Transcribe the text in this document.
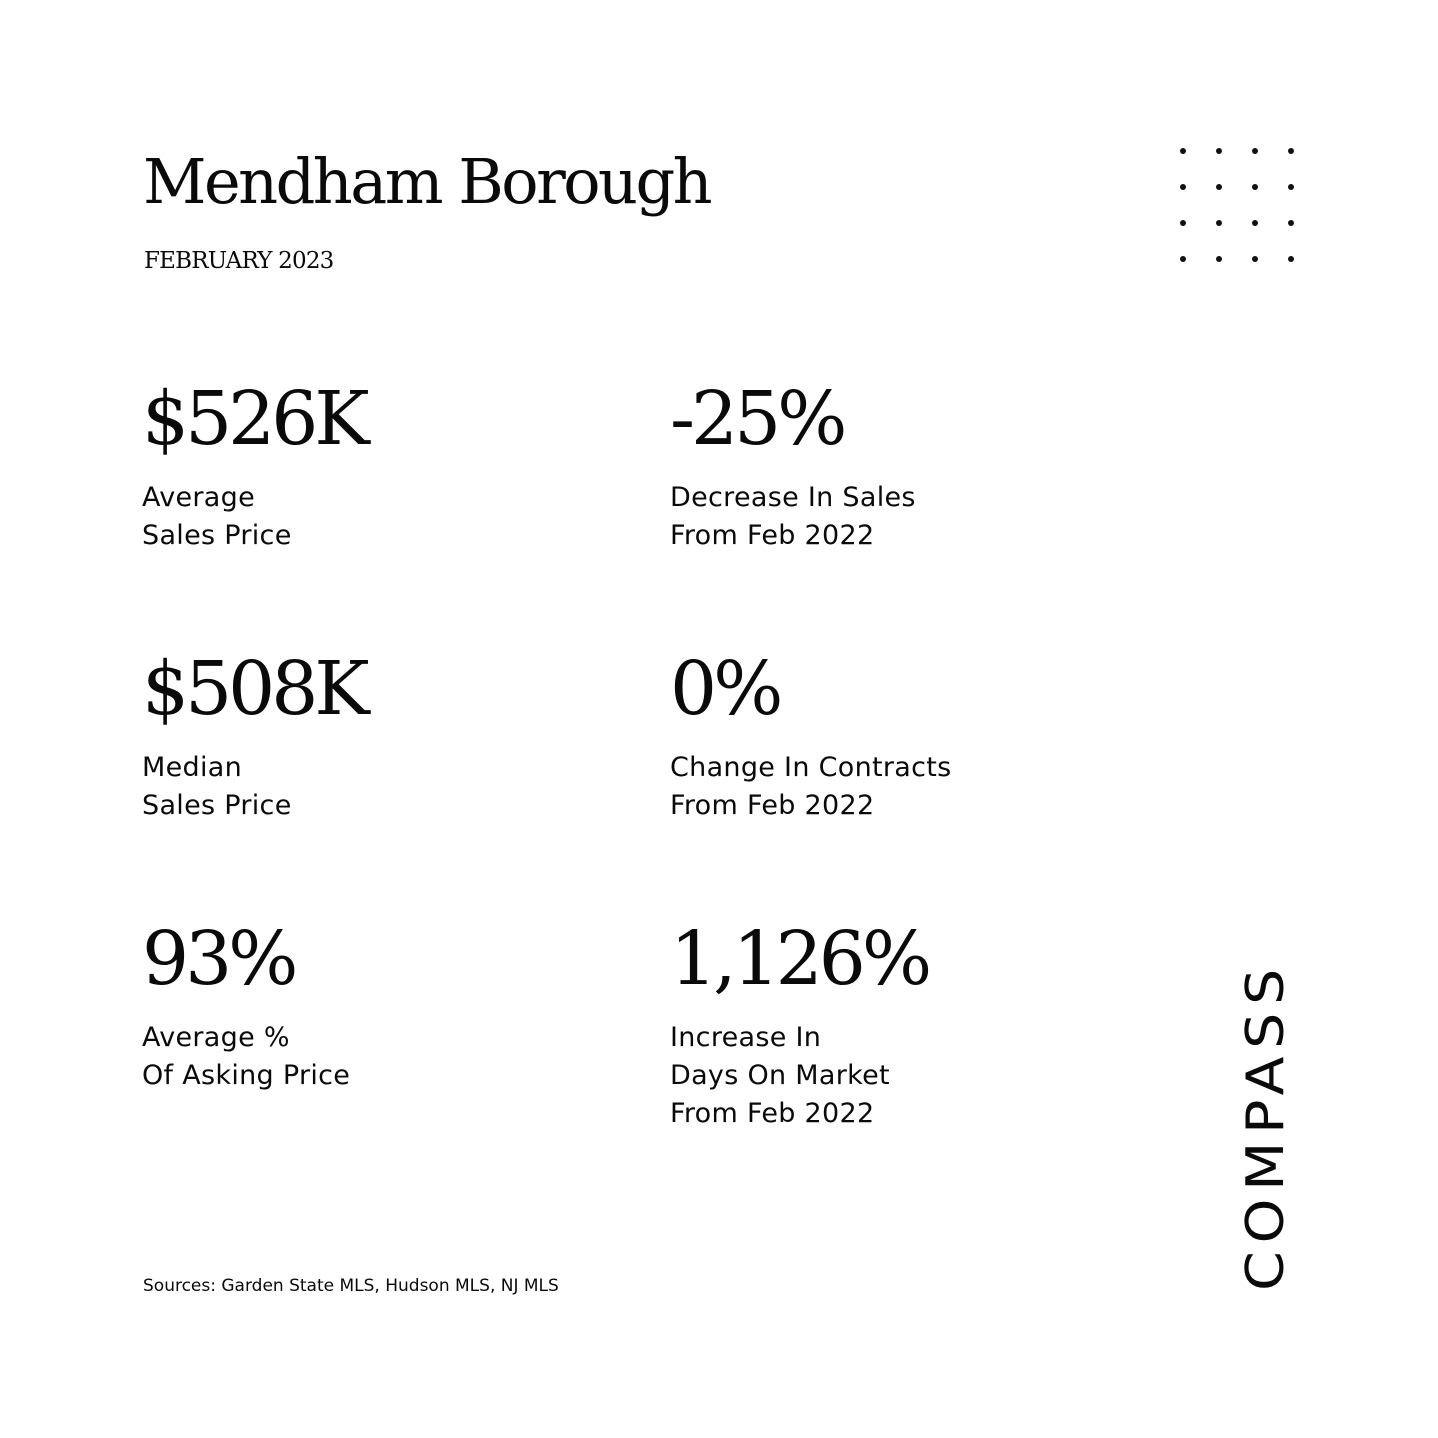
Mendham Borough
FEBRUARY 2023
$526K
Average
Sales Price
-25%
Decrease In Sales
From Feb 2022
$508K
Median
Sales Price
0%
Change In Contracts
From Feb 2022
93%
Average %
Of Asking Price
1,126%
Increase In
Days On Market
From Feb 2022
Sources: Garden State MLS, Hudson MLS, NJ MLS	COMPASS
